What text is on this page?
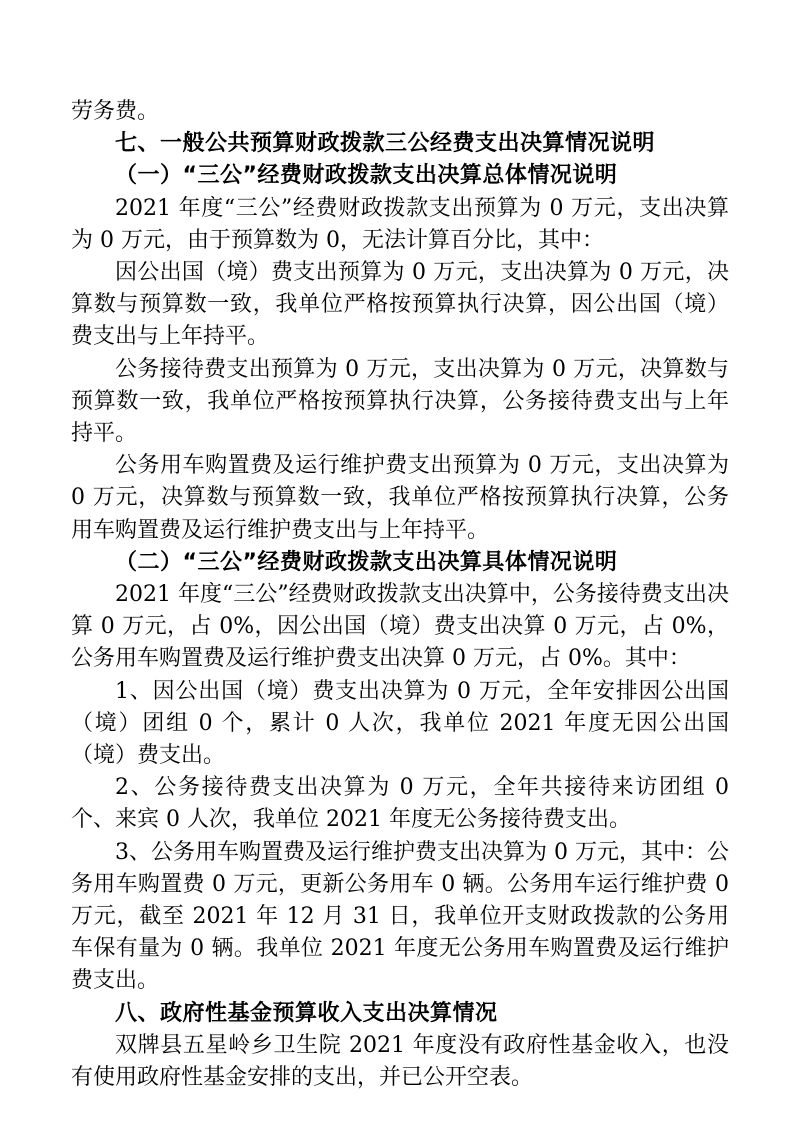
劳务费。

七、一般公共预算财政拨款三公经费支出决算情况说明
（一）“三公”经费财政拨款支出决算总体情况说明

2021 年度“三公”经费财政拨款支出预算为 0 万元，支出决算为 0 万元，由于预算数为 0，无法计算百分比，其中：

因公出国（境）费支出预算为 0 万元，支出决算为 0 万元，决算数与预算数一致，我单位严格按预算执行决算，因公出国（境）费支出与上年持平。

公务接待费支出预算为 0 万元，支出决算为 0 万元，决算数与预算数一致，我单位严格按预算执行决算，公务接待费支出与上年持平。

公务用车购置费及运行维护费支出预算为 0 万元，支出决算为 0 万元，决算数与预算数一致，我单位严格按预算执行决算，公务用车购置费及运行维护费支出与上年持平。

（二）“三公”经费财政拨款支出决算具体情况说明

2021 年度“三公”经费财政拨款支出决算中，公务接待费支出决算 0 万元，占 0%，因公出国（境）费支出决算 0 万元，占 0%，公务用车购置费及运行维护费支出决算 0 万元，占 0%。其中：

1、因公出国（境）费支出决算为 0 万元，全年安排因公出国（境）团组 0 个，累计 0 人次，我单位 2021 年度无因公出国（境）费支出。

2、公务接待费支出决算为 0 万元，全年共接待来访团组 0 个、来宾 0 人次，我单位 2021 年度无公务接待费支出。

3、公务用车购置费及运行维护费支出决算为 0 万元，其中：公务用车购置费 0 万元，更新公务用车 0 辆。公务用车运行维护费 0 万元，截至 2021 年 12 月 31 日，我单位开支财政拨款的公务用车保有量为 0 辆。我单位 2021 年度无公务用车购置费及运行维护费支出。

八、政府性基金预算收入支出决算情况

双牌县五星岭乡卫生院 2021 年度没有政府性基金收入，也没有使用政府性基金安排的支出，并已公开空表。
